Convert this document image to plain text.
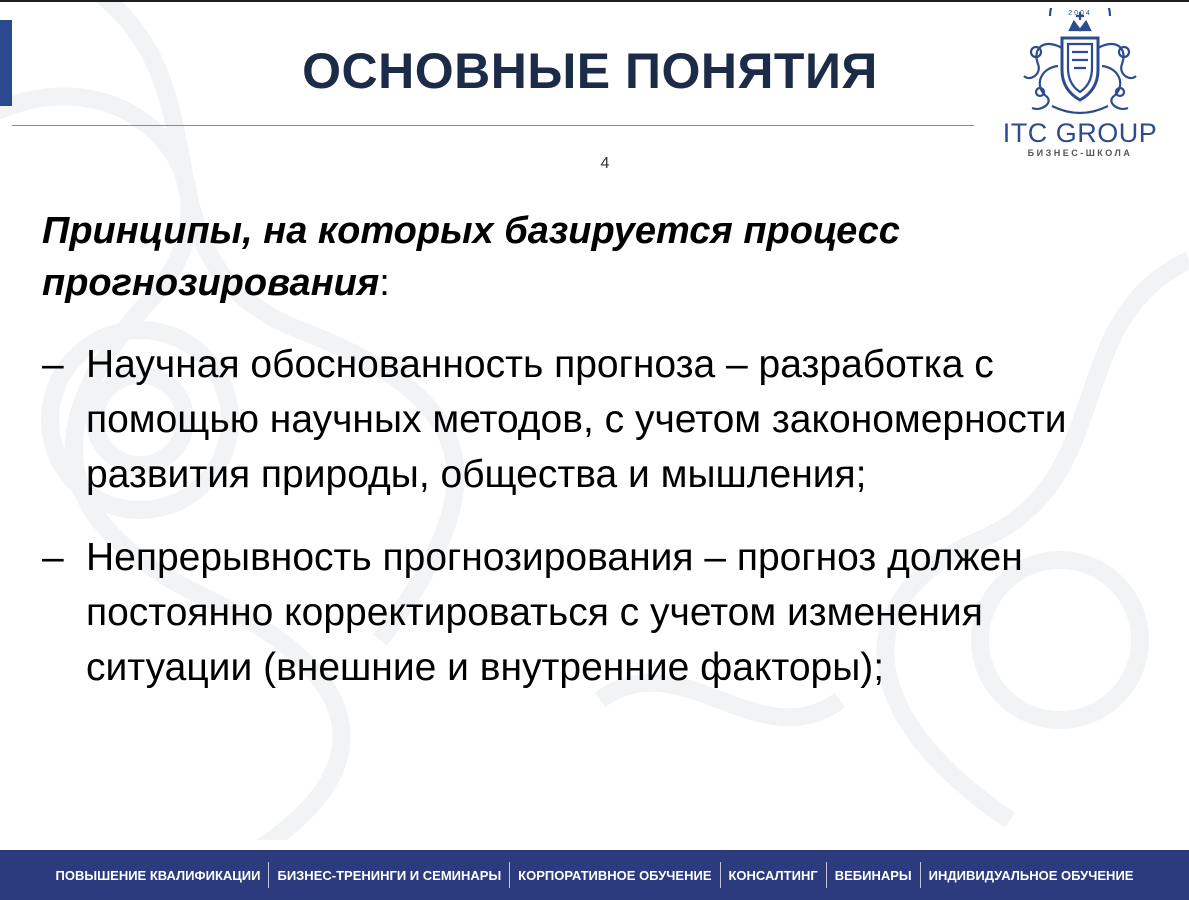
ОСНОВНЫЕ ПОНЯТИЯ
2004
ITC GROUP
БИЗНЕС-ШКОЛА
4

Принципы, на которых базируется процесс прогнозирования:

– Научная обоснованность прогноза – разработка с помощью научных методов, с учетом закономерности развития природы, общества и мышления;
– Непрерывность прогнозирования – прогноз должен постоянно корректироваться с учетом изменения ситуации (внешние и внутренние факторы);
ПОВЫШЕНИЕ КВАЛИФИКАЦИИ	БИЗНЕС-ТРЕНИНГИ И СЕМИНАРЫ	КОРПОРАТИВНОЕ ОБУЧЕНИЕ	КОНСАЛТИНГ	ВЕБИНАРЫ	ИНДИВИДУАЛЬНОЕ ОБУЧЕНИЕ
